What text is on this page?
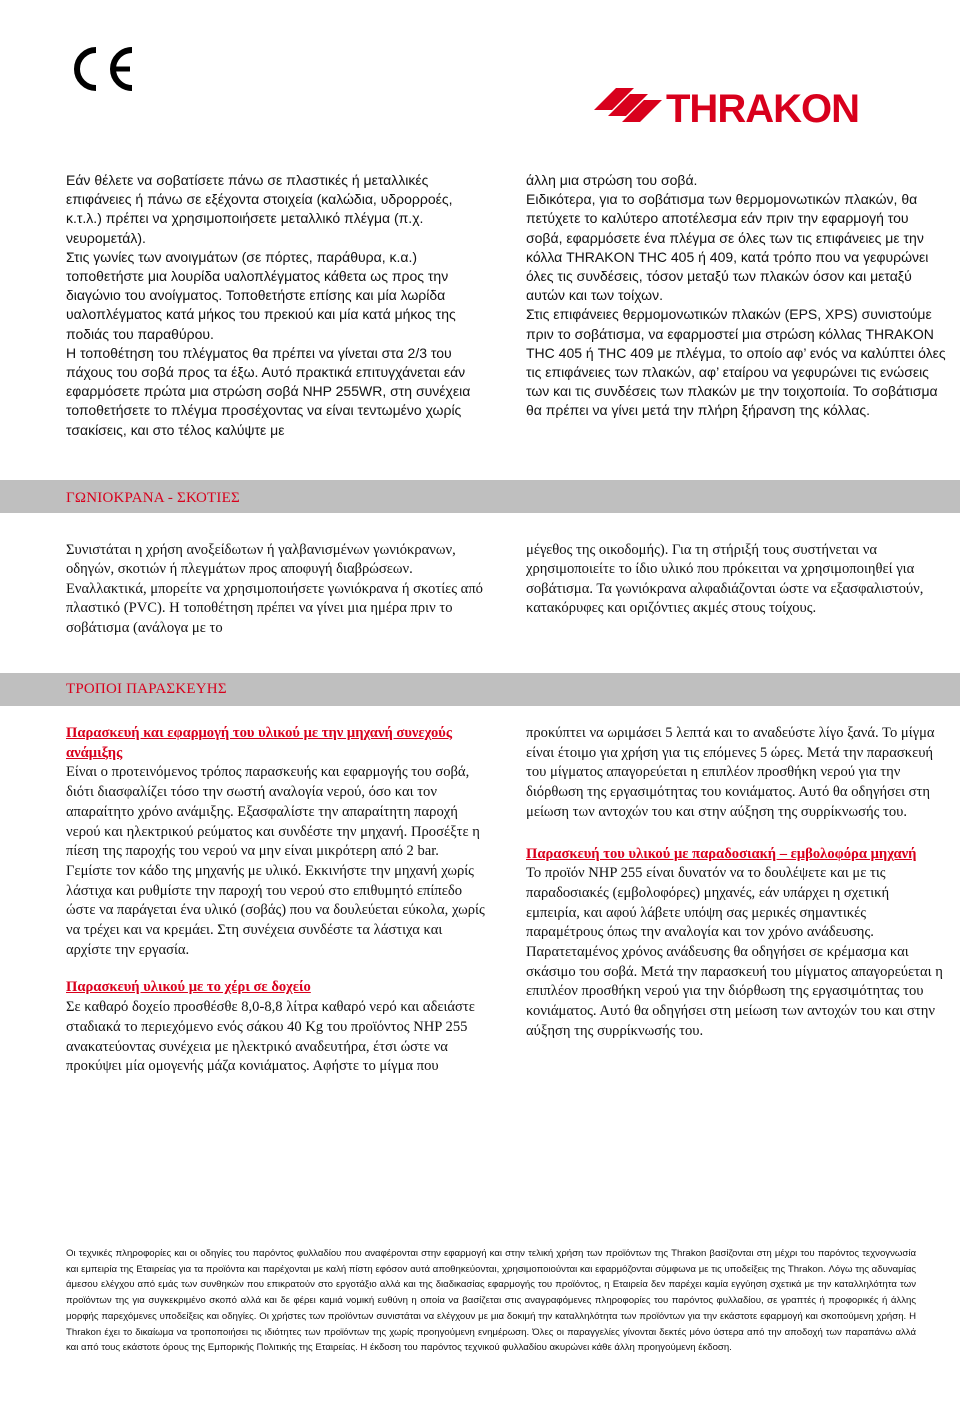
THRAKON

Εάν θέλετε να σοβατίσετε πάνω σε πλαστικές ή μεταλλικές επιφάνειες ή πάνω σε εξέχοντα στοιχεία (καλώδια, υδρορροές, κ.τ.λ.) πρέπει να χρησιμοποιήσετε μεταλλικό πλέγμα (π.χ. νευρομετάλ).

Στις γωνίες των ανοιγμάτων (σε πόρτες, παράθυρα, κ.α.) τοποθετήστε μια λουρίδα υαλοπλέγματος κάθετα ως προς την διαγώνιο του ανοίγματος. Τοποθετήστε επίσης και μία λωρίδα υαλοπλέγματος κατά μήκος του πρεκιού και μία κατά μήκος της ποδιάς του παραθύρου.

Η τοποθέτηση του πλέγματος θα πρέπει να γίνεται στα 2/3 του πάχους του σοβά προς τα έξω. Αυτό πρακτικά επιτυγχάνεται εάν εφαρμόσετε πρώτα μια στρώση σοβά NHP 255WR, στη συνέχεια τοποθετήσετε το πλέγμα προσέχοντας να είναι τεντωμένο χωρίς τσακίσεις, και στο τέλος καλύψτε με

άλλη μια στρώση του σοβά.

Ειδικότερα, για το σοβάτισμα των θερμομονωτικών πλακών, θα πετύχετε το καλύτερο αποτέλεσμα εάν πριν την εφαρμογή του σοβά, εφαρμόσετε ένα πλέγμα σε όλες των τις επιφάνειες με την κόλλα THRAKON THC 405 ή 409, κατά τρόπο που να γεφυρώνει όλες τις συνδέσεις, τόσον μεταξύ των πλακών όσον και μεταξύ αυτών και των τοίχων.

Στις επιφάνειες θερμομονωτικών πλακών (EPS, XPS) συνιστούμε πριν το σοβάτισμα, να εφαρμοστεί μια στρώση κόλλας THRAKON THC 405 ή THC 409 με πλέγμα, το οποίο αφ’ ενός να καλύπτει όλες τις επιφάνειες των πλακών, αφ’ εταίρου να γεφυρώνει τις ενώσεις των και τις συνδέσεις των πλακών με την τοιχοποιία. Το σοβάτισμα θα πρέπει να γίνει μετά την πλήρη ξήρανση της κόλλας.

ΓΩΝΙΟΚΡΑΝΑ - ΣΚΟΤΙΕΣ

Συνιστάται η χρήση ανοξείδωτων ή γαλβανισμένων γωνιόκρανων, οδηγών, σκοτιών ή πλεγμάτων προς αποφυγή διαβρώσεων. Εναλλακτικά, μπορείτε να χρησιμοποιήσετε γωνιόκρανα ή σκοτίες από πλαστικό (PVC). Η τοποθέτηση πρέπει να γίνει μια ημέρα πριν το σοβάτισμα (ανάλογα με το

μέγεθος της οικοδομής). Για τη στήριξή τους συστήνεται να χρησιμοποιείτε το ίδιο υλικό που πρόκειται να χρησιμοποιηθεί για σοβάτισμα. Τα γωνιόκρανα αλφαδιάζονται ώστε να εξασφαλιστούν, κατακόρυφες και οριζόντιες ακμές στους τοίχους.

ΤΡΟΠΟΙ ΠΑΡΑΣΚΕΥΗΣ

Παρασκευή και εφαρμογή του υλικού με την μηχανή συνεχούς ανάμιξης

Είναι ο προτεινόμενος τρόπος παρασκευής και εφαρμογής του σοβά, διότι διασφαλίζει τόσο την σωστή αναλογία νερού, όσο και τον απαραίτητο χρόνο ανάμιξης. Εξασφαλίστε την απαραίτητη παροχή νερού και ηλεκτρικού ρεύματος και συνδέστε την μηχανή. Προσέξτε η πίεση της παροχής του νερού να μην είναι μικρότερη από 2 bar. Γεμίστε τον κάδο της μηχανής με υλικό. Εκκινήστε την μηχανή χωρίς λάστιχα και ρυθμίστε την παροχή του νερού στο επιθυμητό επίπεδο ώστε να παράγεται ένα υλικό (σοβάς) που να δουλεύεται εύκολα, χωρίς να τρέχει και να κρεμάει. Στη συνέχεια συνδέστε τα λάστιχα και αρχίστε την εργασία.

Παρασκευή υλικού με το χέρι σε δοχείο

Σε καθαρό δοχείο προσθέσθε 8,0-8,8 λίτρα καθαρό νερό και αδειάστε σταδιακά το περιεχόμενο ενός σάκου 40 Kg του προϊόντος NHP 255 ανακατεύοντας συνέχεια με ηλεκτρικό αναδευτήρα, έτσι ώστε να προκύψει μία ομογενής μάζα κονιάματος. Αφήστε το μίγμα που

προκύπτει να ωριμάσει 5 λεπτά και το αναδεύστε λίγο ξανά. Το μίγμα είναι έτοιμο για χρήση για τις επόμενες 5 ώρες. Μετά την παρασκευή του μίγματος απαγορεύεται η επιπλέον προσθήκη νερού για την διόρθωση της εργασιμότητας του κονιάματος. Αυτό θα οδηγήσει στη μείωση των αντοχών του και στην αύξηση της συρρίκνωσής του.

Παρασκευή του υλικού με παραδοσιακή – εμβολοφόρα μηχανή

Το προϊόν NHP 255 είναι δυνατόν να το δουλέψετε και με τις παραδοσιακές (εμβολοφόρες) μηχανές, εάν υπάρχει η σχετική εμπειρία, και αφού λάβετε υπόψη σας μερικές σημαντικές παραμέτρους όπως την αναλογία και τον χρόνο ανάδευσης. Παρατεταμένος χρόνος ανάδευσης θα οδηγήσει σε κρέμασμα και σκάσιμο του σοβά. Μετά την παρασκευή του μίγματος απαγορεύεται η επιπλέον προσθήκη νερού για την διόρθωση της εργασιμότητας του κονιάματος. Αυτό θα οδηγήσει στη μείωση των αντοχών του και στην αύξηση της συρρίκνωσής του.

Οι τεχνικές πληροφορίες και οι οδηγίες του παρόντος φυλλαδίου που αναφέρονται στην εφαρμογή και στην τελική χρήση των προϊόντων της Thrakon βασίζονται στη μέχρι του παρόντος τεχνογνωσία και εμπειρία της Εταιρείας για τα προϊόντα και παρέχονται με καλή πίστη εφόσον αυτά αποθηκεύονται, χρησιμοποιούνται και εφαρμόζονται σύμφωνα με τις υποδείξεις της Thrakon. Λόγω της αδυναμίας άμεσου ελέγχου από εμάς των συνθηκών που επικρατούν στο εργοτάξιο αλλά και της διαδικασίας εφαρμογής του προϊόντος, η Εταιρεία δεν παρέχει καμία εγγύηση σχετικά με την καταλληλότητα των προϊόντων της για συγκεκριμένο σκοπό αλλά και δε φέρει καμιά νομική ευθύνη η οποία να βασίζεται στις αναγραφόμενες πληροφορίες του παρόντος φυλλαδίου, σε γραπτές ή προφορικές ή άλλης μορφής παρεχόμενες υποδείξεις και οδηγίες. Οι χρήστες των προϊόντων συνιστάται να ελέγχουν με μια δοκιμή την καταλληλότητα των προϊόντων για την εκάστοτε εφαρμογή και σκοπούμενη χρήση. Η Thrakon έχει το δικαίωμα να τροποποιήσει τις ιδιότητες των προϊόντων της χωρίς προηγούμενη ενημέρωση. Όλες οι παραγγελίες γίνονται δεκτές μόνο ύστερα από την αποδοχή των παραπάνω αλλά και από τους εκάστοτε όρους της Εμπορικής Πολιτικής της Εταιρείας. Η έκδοση του παρόντος τεχνικού φυλλαδίου ακυρώνει κάθε άλλη προηγούμενη έκδοση.
